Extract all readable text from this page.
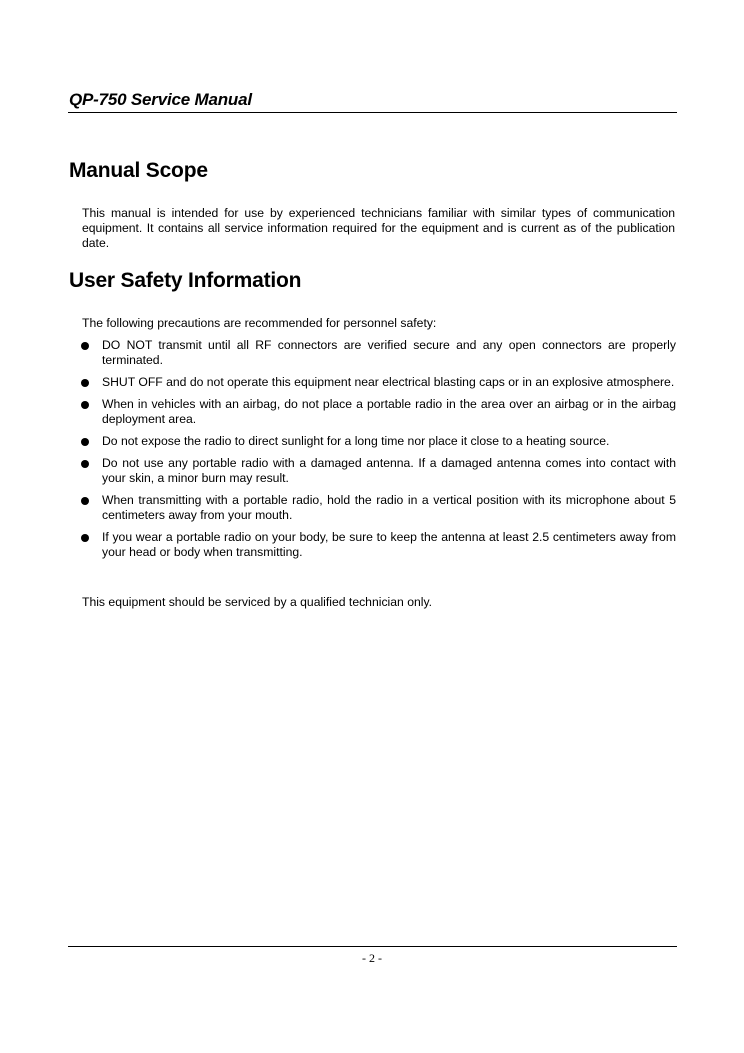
QP-750 Service Manual
Manual Scope
This manual is intended for use by experienced technicians familiar with similar types of communication equipment. It contains all service information required for the equipment and is current as of the publication date.
User Safety Information
The following precautions are recommended for personnel safety:
DO NOT transmit until all RF connectors are verified secure and any open connectors are properly terminated.
SHUT OFF and do not operate this equipment near electrical blasting caps or in an explosive atmosphere.
When in vehicles with an airbag, do not place a portable radio in the area over an airbag or in the airbag deployment area.
Do not expose the radio to direct sunlight for a long time nor place it close to a heating source.
Do not use any portable radio with a damaged antenna. If a damaged antenna comes into contact with your skin, a minor burn may result.
When transmitting with a portable radio, hold the radio in a vertical position with its microphone about 5 centimeters away from your mouth.
If you wear a portable radio on your body, be sure to keep the antenna at least 2.5 centimeters away from your head or body when transmitting.
This equipment should be serviced by a qualified technician only.
- 2 -
